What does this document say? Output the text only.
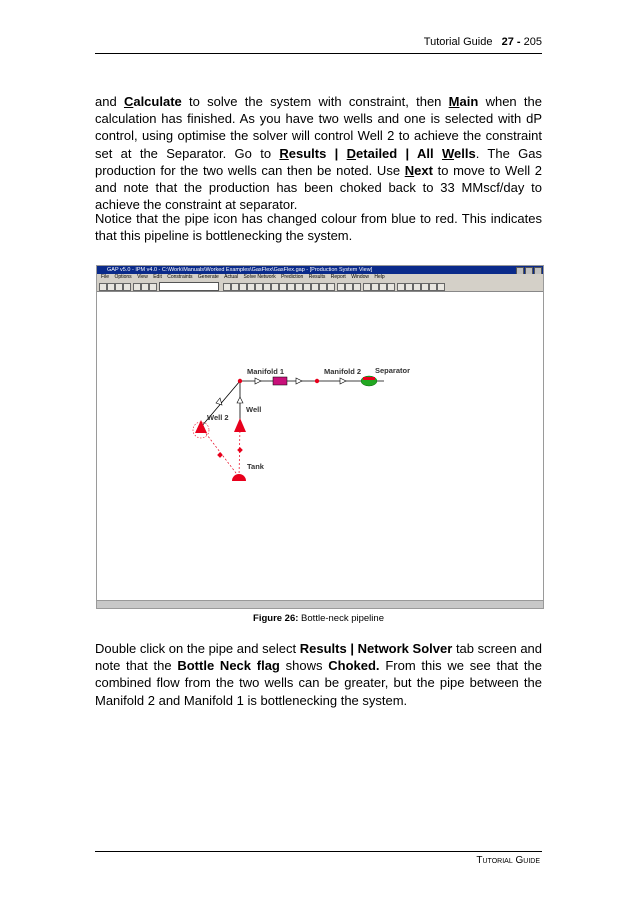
Tutorial Guide 27 - 205
and Calculate to solve the system with constraint, then Main when the calculation has finished. As you have two wells and one is selected with dP control, using optimise the solver will control Well 2 to achieve the constraint set at the Separator. Go to Results | Detailed | All Wells. The Gas production for the two wells can then be noted. Use Next to move to Well 2 and note that the production has been choked back to 33 MMscf/day to achieve the constraint at separator.
Notice that the pipe icon has changed colour from blue to red. This indicates that this pipeline is bottlenecking the system.
GAP v5.0 - IPM v4.0 - C:\Work\Manuals\Worked Examples\GasFlex\GasFlex.gap - [Production System View]
File Options View Edit Constraints Generate Actual Solve Network Prediction Results Report Window Help
Manifold 1	Manifold 2 Separator
Well
Well 2
Tank
Figure 26: Bottle-neck pipeline
Double click on the pipe and select Results | Network Solver tab screen and note that the Bottle Neck flag shows Choked. From this we see that the combined flow from the two wells can be greater, but the pipe between the Manifold 2 and Manifold 1 is bottlenecking the system.
Tutorial Guide
